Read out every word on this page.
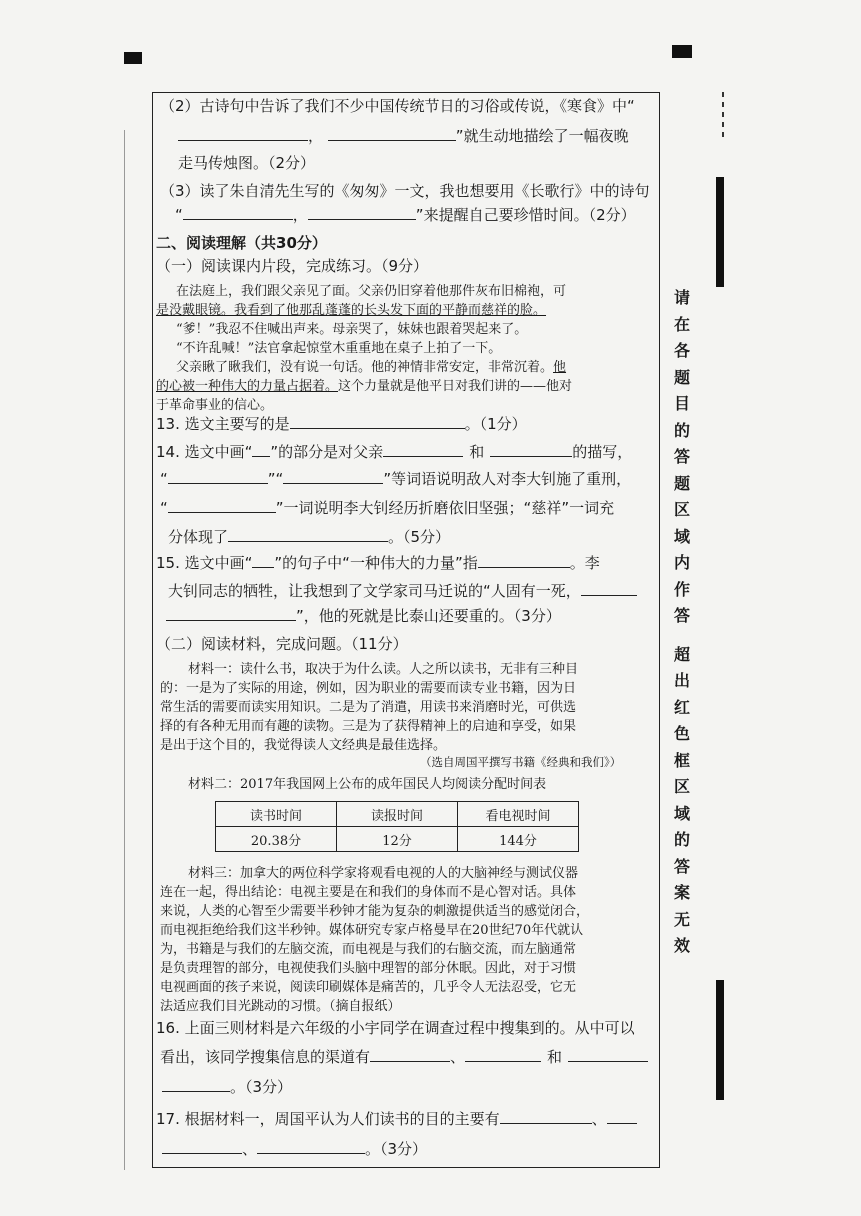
（2）古诗句中告诉了我们不少中国传统节日的习俗或传说，《寒食》中“
，	”就生动地描绘了一幅夜晚
走马传烛图。（2分）
（3）读了朱自清先生写的《匆匆》一文，我也想要用《长歌行》中的诗句
“	，	”来提醒自己要珍惜时间。（2分）
二、阅读理解（共30分）
（一）阅读课内片段，完成练习。（9分）
在法庭上，我们跟父亲见了面。父亲仍旧穿着他那件灰布旧棉袍，可
是没戴眼镜。我看到了他那乱蓬蓬的长头发下面的平静而慈祥的脸。
“爹！”我忍不住喊出声来。母亲哭了，妹妹也跟着哭起来了。
“不许乱喊！”法官拿起惊堂木重重地在桌子上拍了一下。
父亲瞅了瞅我们，没有说一句话。他的神情非常安定，非常沉着。他
的心被一种伟大的力量占据着。这个力量就是他平日对我们讲的——他对
于革命事业的信心。
13. 选文主要写的是	。（1分）
14. 选文中画“ ”的部分是对父亲	和	的描写，
“	”“	”等词语说明敌人对李大钊施了重刑，
“	”一词说明李大钊经历折磨依旧坚强；“慈祥”一词充
分体现了	。（5分）
15. 选文中画“ ”的句子中“一种伟大的力量”指	。李
大钊同志的牺牲，让我想到了文学家司马迁说的“人固有一死，
”，他的死就是比泰山还要重的。（3分）
（二）阅读材料，完成问题。（11分）
材料一：读什么书，取决于为什么读。人之所以读书，无非有三种目
的：一是为了实际的用途，例如，因为职业的需要而读专业书籍，因为日
常生活的需要而读实用知识。二是为了消遣，用读书来消磨时光，可供选
择的有各种无用而有趣的读物。三是为了获得精神上的启迪和享受，如果
是出于这个目的，我觉得读人文经典是最佳选择。
（选自周国平撰写书籍《经典和我们》）
材料二：2017年我国网上公布的成年国民人均阅读分配时间表
读书时间	读报时间	看电视时间
20.38分	12分	144分
材料三：加拿大的两位科学家将观看电视的人的大脑神经与测试仪器
连在一起，得出结论：电视主要是在和我们的身体而不是心智对话。具体
来说，人类的心智至少需要半秒钟才能为复杂的刺激提供适当的感觉闭合，
而电视拒绝给我们这半秒钟。媒体研究专家卢格曼早在20世纪70年代就认
为，书籍是与我们的左脑交流，而电视是与我们的右脑交流，而左脑通常
是负责理智的部分，电视使我们头脑中理智的部分休眠。因此，对于习惯
电视画面的孩子来说，阅读印刷媒体是痛苦的，几乎令人无法忍受，它无
法适应我们目光跳动的习惯。（摘自报纸）
16. 上面三则材料是六年级的小宇同学在调查过程中搜集到的。从中可以
看出，该同学搜集信息的渠道有	、	和
。（3分）
17. 根据材料一，周国平认为人们读书的目的主要有	、
、	。（3分）
请
在
各
题
目
的
答
题
区
域
内
作
答
超
出
红
色
框
区
域
的
答
案
无
效
